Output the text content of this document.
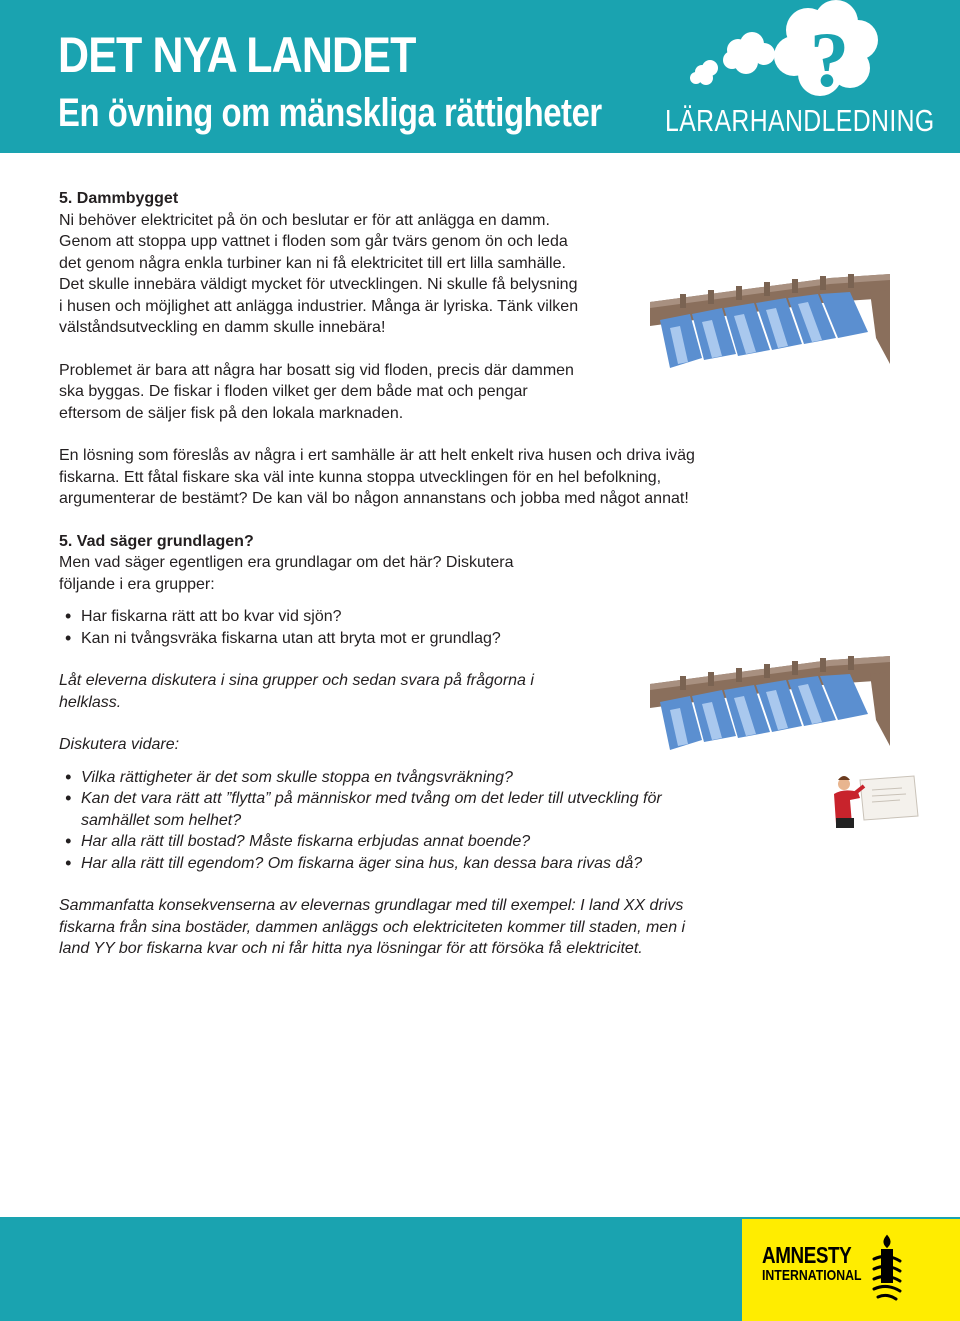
DET NYA LANDET
En övning om mänskliga rättigheter LÄRARHANDLEDNING
?
5. Dammbygget

Ni behöver elektricitet på ön och beslutar er för att anlägga en damm. Genom att stoppa upp vattnet i floden som går tvärs genom ön och leda det genom några enkla turbiner kan ni få elektricitet till ert lilla samhälle. Det skulle innebära väldigt mycket för utvecklingen. Ni skulle få belysning i husen och möjlighet att anlägga industrier. Många är lyriska. Tänk vilken välståndsutveckling en damm skulle innebära!

Problemet är bara att några har bosatt sig vid floden, precis där dammen ska byggas. De fiskar i floden vilket ger dem både mat och pengar eftersom de säljer fisk på den lokala marknaden.

En lösning som föreslås av några i ert samhälle är att helt enkelt riva husen och driva iväg fiskarna. Ett fåtal fiskare ska väl inte kunna stoppa utvecklingen för en hel befolkning, argumenterar de bestämt? De kan väl bo någon annanstans och jobba med något annat!

5. Vad säger grundlagen?

Men vad säger egentligen era grundlagar om det här? Diskutera följande i era grupper:

• Har fiskarna rätt att bo kvar vid sjön?
• Kan ni tvångsvräka fiskarna utan att bryta mot er grundlag?

Låt eleverna diskutera i sina grupper och sedan svara på frågorna i helklass.

Diskutera vidare:

• Vilka rättigheter är det som skulle stoppa en tvångsvräkning?
• Kan det vara rätt att ”flytta” på människor med tvång om det leder till utveckling för samhället som helhet?
• Har alla rätt till bostad? Måste fiskarna erbjudas annat boende?
• Har alla rätt till egendom? Om fiskarna äger sina hus, kan dessa bara rivas då?

Sammanfatta konsekvenserna av elevernas grundlagar med till exempel: I land XX drivs fiskarna från sina bostäder, dammen anläggs och elektriciteten kommer till staden, men i land YY bor fiskarna kvar och ni får hitta nya lösningar för att försöka få elektricitet.

AMNESTY
INTERNATIONAL
